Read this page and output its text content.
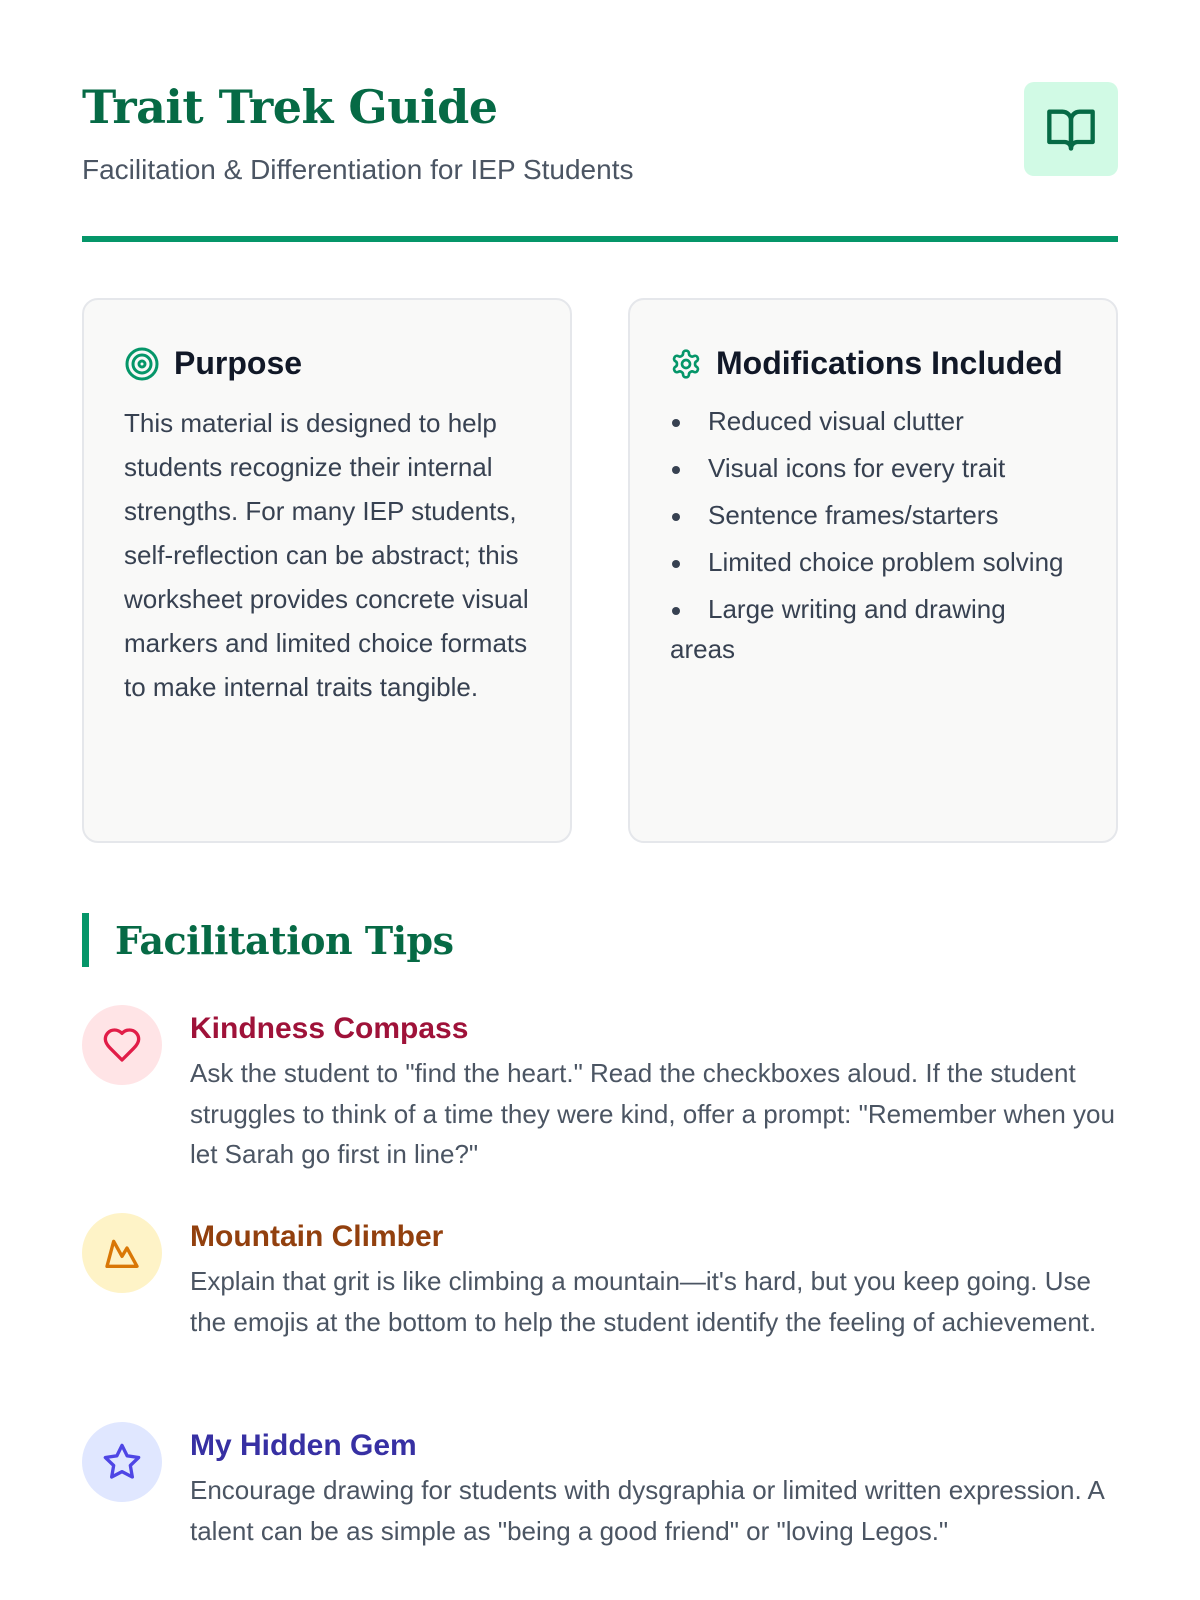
Trait Trek Guide
Facilitation & Differentiation for IEP Students
Purpose

This material is designed to help students recognize their internal strengths. For many IEP students, self-reflection can be abstract; this worksheet provides concrete visual markers and limited choice formats to make internal traits tangible.

Modifications Included
Reduced visual clutter
Visual icons for every trait
Sentence frames/starters
Limited choice problem solving
Large writing and drawing areas
Facilitation Tips
Kindness Compass
Ask the student to "find the heart." Read the checkboxes aloud. If the student struggles to think of a time they were kind, offer a prompt: "Remember when you let Sarah go first in line?"
Mountain Climber
Explain that grit is like climbing a mountain—it's hard, but you keep going. Use the emojis at the bottom to help the student identify the feeling of achievement.
My Hidden Gem
Encourage drawing for students with dysgraphia or limited written expression. A talent can be as simple as "being a good friend" or "loving Legos."
